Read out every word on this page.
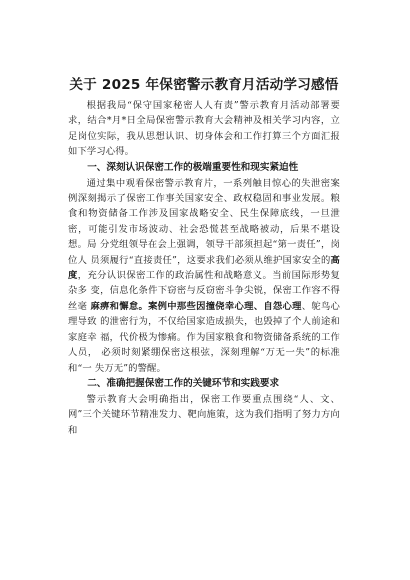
关于 2025 年保密警示教育月活动学习感悟

根据我局“保守国家秘密人人有责”警示教育月活动部署要求，结合*月*日全局保密警示教育大会精神及相关学习内容，立足岗位实际，我从思想认识、切身体会和工作打算三个方面汇报如下学习心得。

一、深刻认识保密工作的极端重要性和现实紧迫性

通过集中观看保密警示教育片，一系列触目惊心的失泄密案例深刻揭示了保密工作事关国家安全、政权稳固和事业发展。粮食和物资储备工作涉及国家战略安全、民生保障底线，一旦泄密，可能引发市场波动、社会恐慌甚至战略被动，后果不堪设想。局 分党组领导在会上强调，领导干部须担起“第一责任”，岗位人 员须履行“直接责任”，这要求我们必须从维护国家安全的高度，充分认识保密工作的政治属性和战略意义。当前国际形势复杂多 变，信息化条件下窃密与反窃密斗争尖锐，保密工作容不得丝毫 麻痹和懈怠。案例中那些因撞侥幸心理、自怨心理、鸵鸟心理导致 的泄密行为，不仅给国家造成损失，也毁掉了个人前途和家庭幸 福，代价极为惨痛。作为国家粮食和物资储备系统的工作人员， 必须时刻紧绷保密这根弦，深刻理解“万无一失”的标准和“一 失万无”的警醒。

二、准确把握保密工作的关键环节和实践要求

警示教育大会明确指出，保密工作要重点围绕“人、文、网”三个关键环节精准发力、靶向施策，这为我们指明了努力方向和
